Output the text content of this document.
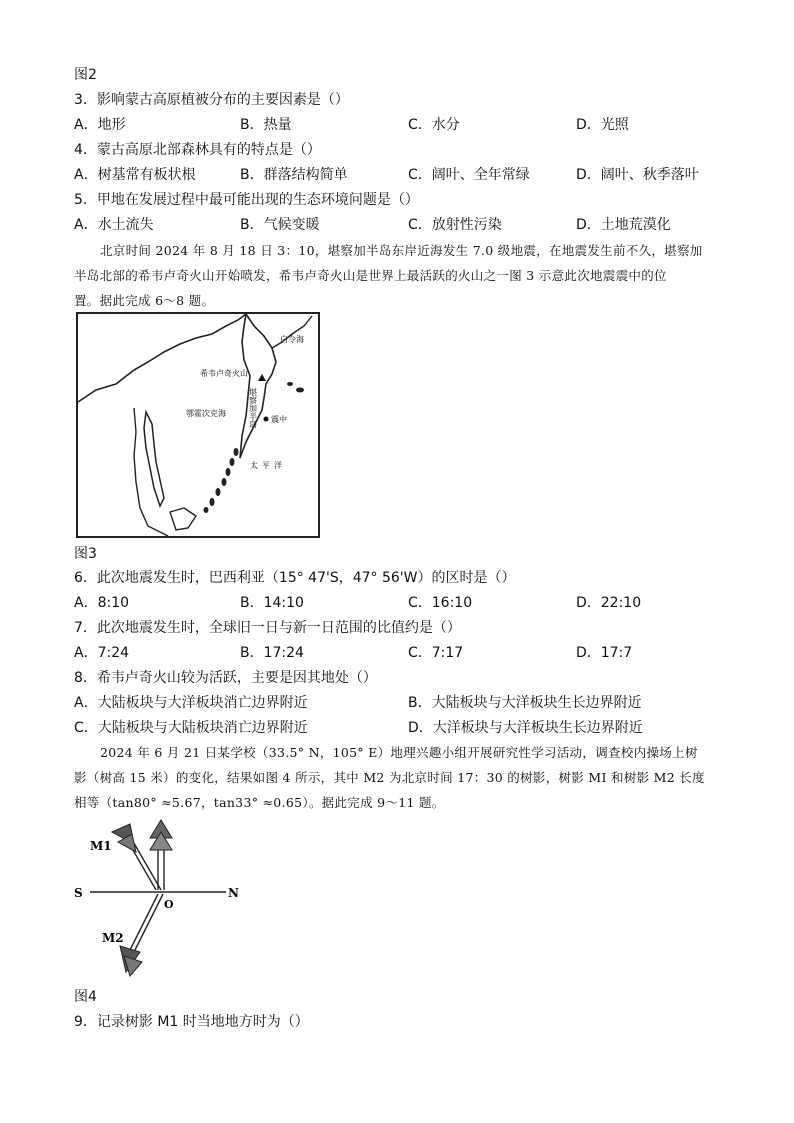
图2
3．影响蒙古高原植被分布的主要因素是（）
A．地形	B．热量	C．水分	D．光照
4．蒙古高原北部森林具有的特点是（）
A．树基常有板状根	B．群落结构简单	C．阔叶、全年常绿	D．阔叶、秋季落叶
5．甲地在发展过程中最可能出现的生态环境问题是（）
A．水土流失	B．气候变暖	C．放射性污染	D．土地荒漠化
北京时间 2024 年 8 月 18 日 3：10，堪察加半岛东岸近海发生 7.0 级地震，在地震发生前不久，堪察加
半岛北部的希韦卢奇火山开始喷发，希韦卢奇火山是世界上最活跃的火山之一图 3 示意此次地震震中的位
置。据此完成 6～8 题。
白令海
希韦卢奇火山
鄂霍次克海
震中
太平洋
堪察加半岛
图3
6．此次地震发生时，巴西利亚（15° 47'S，47° 56'W）的区时是（）
A．8:10	B．14:10	C．16:10	D．22:10
7．此次地震发生时，全球旧一日与新一日范围的比值约是（）
A．7:24	B．17:24	C．7:17	D．17:7
8．希韦卢奇火山较为活跃，主要是因其地处（）
A．大陆板块与大洋板块消亡边界附近	B．大陆板块与大洋板块生长边界附近
C．大陆板块与大陆板块消亡边界附近	D．大洋板块与大洋板块生长边界附近
2024 年 6 月 21 日某学校（33.5° N，105° E）地理兴趣小组开展研究性学习活动，调查校内操场上树
影（树高 15 米）的变化，结果如图 4 所示，其中 M2 为北京时间 17：30 的树影，树影 MI 和树影 M2 长度
相等（tan80° ≈5.67，tan33° ≈0.65）。据此完成 9～11 题。
M1
M2
S	N
O
图4
9．记录树影 M1 时当地地方时为（）
